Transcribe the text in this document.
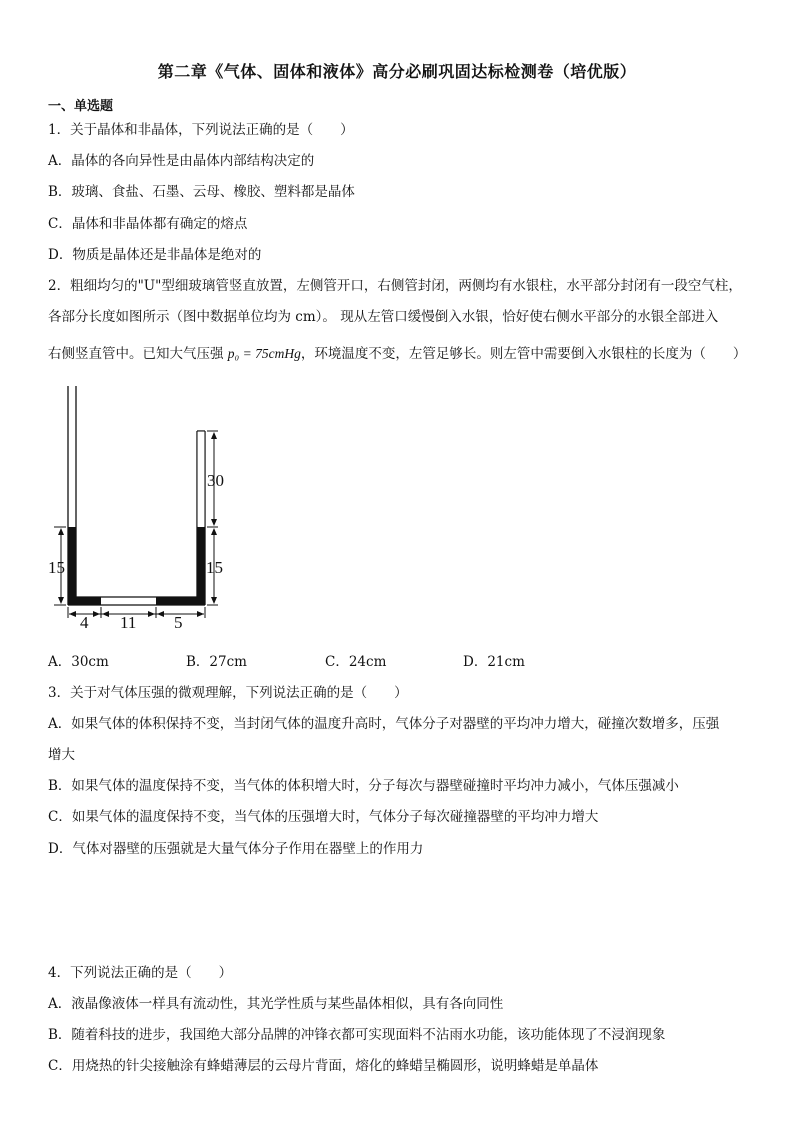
第二章《气体、固体和液体》高分必刷巩固达标检测卷（培优版）
一、单选题
1．关于晶体和非晶体，下列说法正确的是（　　）
A．晶体的各向异性是由晶体内部结构决定的
B．玻璃、食盐、石墨、云母、橡胶、塑料都是晶体
C．晶体和非晶体都有确定的熔点
D．物质是晶体还是非晶体是绝对的
2．粗细均匀的"U"型细玻璃管竖直放置，左侧管开口，右侧管封闭，两侧均有水银柱，水平部分封闭有一段空气柱，
各部分长度如图所示（图中数据单位均为 cm）。 现从左管口缓慢倒入水银，恰好使右侧水平部分的水银全部进入
右侧竖直管中。已知大气压强 p₀ = 75cmHg，环境温度不变，左管足够长。则左管中需要倒入水银柱的长度为（　　）
30
15	15
4 11 5
A．30cm	B．27cm	C．24cm	D．21cm
3．关于对气体压强的微观理解，下列说法正确的是（　　）
A．如果气体的体积保持不变，当封闭气体的温度升高时，气体分子对器壁的平均冲力增大，碰撞次数增多，压强
增大
B．如果气体的温度保持不变，当气体的体积增大时，分子每次与器壁碰撞时平均冲力减小，气体压强减小
C．如果气体的温度保持不变，当气体的压强增大时，气体分子每次碰撞器壁的平均冲力增大
D．气体对器壁的压强就是大量气体分子作用在器壁上的作用力
4．下列说法正确的是（　　）
A．液晶像液体一样具有流动性，其光学性质与某些晶体相似，具有各向同性
B．随着科技的进步，我国绝大部分品牌的冲锋衣都可实现面料不沾雨水功能，该功能体现了不浸润现象
C．用烧热的针尖接触涂有蜂蜡薄层的云母片背面，熔化的蜂蜡呈椭圆形，说明蜂蜡是单晶体
